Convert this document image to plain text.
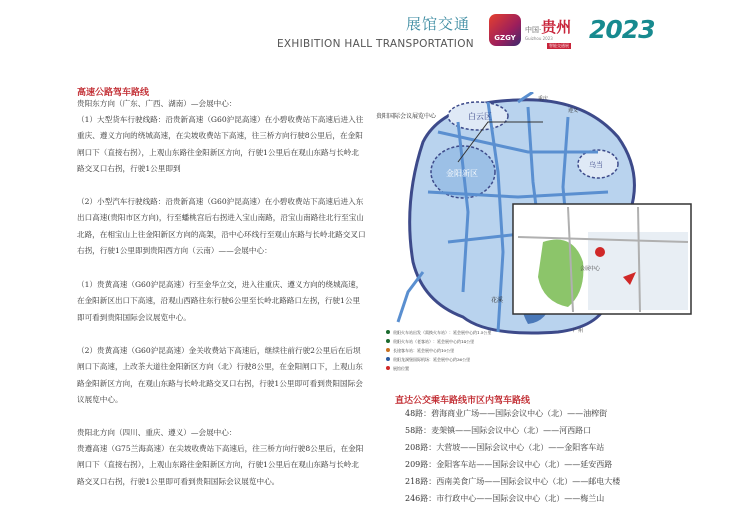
展馆交通
EXHIBITION HALL TRANSPORTATION	GZGY
中国·贵州
Guizhou 2023
智能交通展
2023
高速公路驾车路线
贵阳东方向（广东、广西、湖南）—会展中心：
（1）大型货车行驶线路：沿贵新高速（G60沪昆高速）在小碧收费站下高速后进入往重庆、遵义方向的绕城高速，在尖坡收费站下高速，往三桥方向行驶8公里后，在金阳闸口下（直接右拐），上观山东路往金阳新区方向，行驶1公里后在观山东路与长岭北路交叉口右拐，行驶1公里即到
（2）小型汽车行驶线路：沿贵新高速（G60沪昆高速）在小碧收费站下高速后进入东出口高速(贵阳市区方向)，行至蟠桃宫后右拐进入宝山南路，沿宝山南路往北行至宝山北路，在相宝山上往金阳新区方向的高架，沿中心环线行至观山东路与长岭北路交叉口右拐，行驶1公里即到贵阳西方向（云南）——会展中心：
（1）贵黄高速（G60沪昆高速）行至金华立交，进入往重庆、遵义方向的绕城高速，在金阳新区出口下高速，沿观山西路往东行驶6公里至长岭北路路口左拐，行驶1公里即可看到贵阳国际会议展览中心。
（2）贵黄高速（G60沪昆高速）金关收费站下高速后，继续往前行驶2公里后在后坝闸口下高速，上改茶大道往金阳新区方向（北）行驶8公里，在金阳闸口下，上观山东路金阳新区方向，在观山东路与长岭北路交叉口右拐，行驶1公里即可看到贵阳国际会议展览中心。
贵阳北方向（四川、重庆、遵义）—会展中心：
贵遵高速（G75兰海高速）在尖坡收费站下高速后，往三桥方向行驶8公里后，在金阳闸口下（直接右拐），上观山东路往金阳新区方向，行驶1公里后在观山东路与长岭北路交叉口右拐，行驶1公里即可看到贵阳国际会议展览中心。
会展中心
贵阳国际会议展览中心	白云区
金阳新区
乌当
花溪
重庆
遵义
广州
贵阳火车站出发（需换火车站）：延会展中心约1.5公里
贵阳火车站（老客站）：延会展中心约14公里
长途客车站：延会展中心约10公里
贵阳龙洞堡国际机场：延会展中心约36公里
展馆位置
直达公交乘车路线市区内驾车路线
48路：碧海商业广场——国际会议中心（北）——油榨街
58路：麦架镇——国际会议中心（北）——河西路口
208路：大营坡——国际会议中心（北）——金阳客车站
209路：金阳客车站——国际会议中心（北）——延安西路
218路：西南美食广场——国际会议中心（北）——邮电大楼
246路：市行政中心——国际会议中心（北）——梅兰山
